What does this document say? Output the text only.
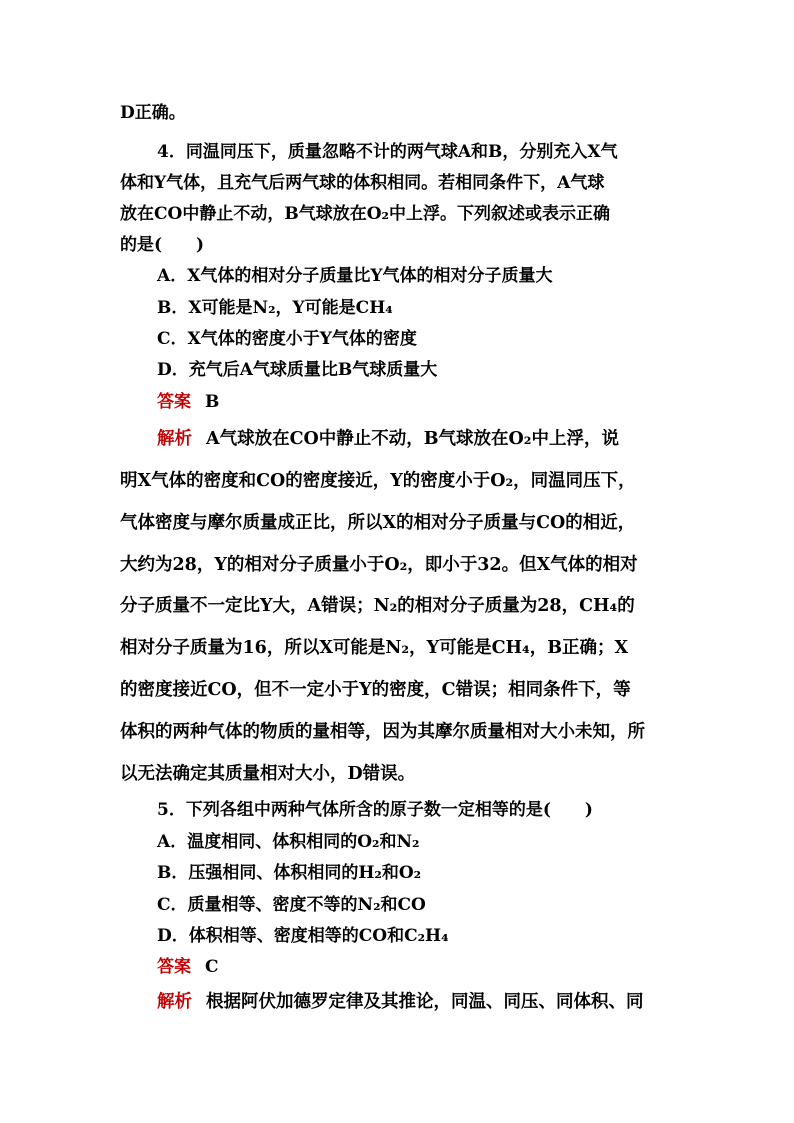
D正确。
4．同温同压下，质量忽略不计的两气球A和B，分别充入X气
体和Y气体，且充气后两气球的体积相同。若相同条件下，A气球
放在CO中静止不动，B气球放在O₂中上浮。下列叙述或表示正确
的是(　　)
A．X气体的相对分子质量比Y气体的相对分子质量大
B．X可能是N₂，Y可能是CH₄
C．X气体的密度小于Y气体的密度
D．充气后A气球质量比B气球质量大
答案 B
解析 A气球放在CO中静止不动，B气球放在O₂中上浮，说
明X气体的密度和CO的密度接近，Y的密度小于O₂，同温同压下，
气体密度与摩尔质量成正比，所以X的相对分子质量与CO的相近，
大约为28，Y的相对分子质量小于O₂，即小于32。但X气体的相对
分子质量不一定比Y大，A错误；N₂的相对分子质量为28，CH₄的
相对分子质量为16，所以X可能是N₂，Y可能是CH₄，B正确；X
的密度接近CO，但不一定小于Y的密度，C错误；相同条件下，等
体积的两种气体的物质的量相等，因为其摩尔质量相对大小未知，所
以无法确定其质量相对大小，D错误。
5．下列各组中两种气体所含的原子数一定相等的是(　　)
A．温度相同、体积相同的O₂和N₂
B．压强相同、体积相同的H₂和O₂
C．质量相等、密度不等的N₂和CO
D．体积相等、密度相等的CO和C₂H₄
答案 C
解析 根据阿伏加德罗定律及其推论，同温、同压、同体积、同
